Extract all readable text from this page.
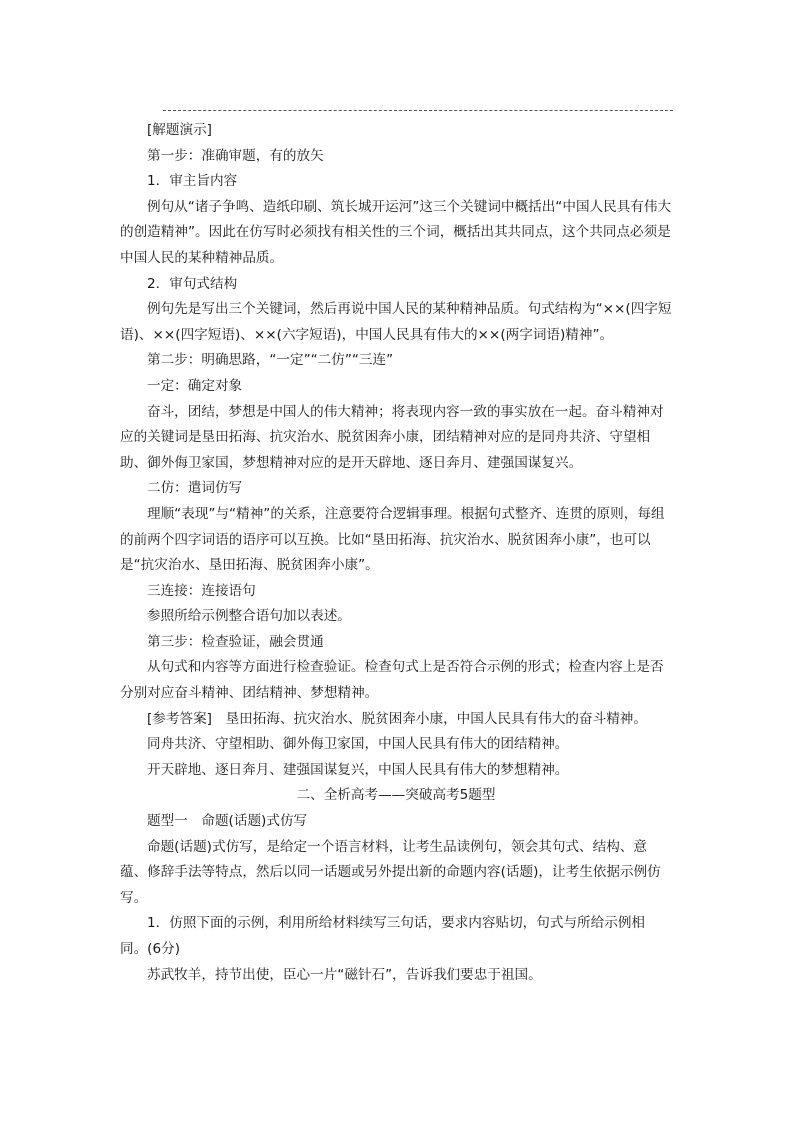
[解题演示]

第一步：准确审题，有的放矢

1．审主旨内容

例句从“诸子争鸣、造纸印刷、筑长城开运河”这三个关键词中概括出“中国人民具有伟大的创造精神”。因此在仿写时必须找有相关性的三个词，概括出其共同点，这个共同点必须是中国人民的某种精神品质。

2．审句式结构

例句先是写出三个关键词，然后再说中国人民的某种精神品质。句式结构为“××(四字短语)、××(四字短语)、××(六字短语)，中国人民具有伟大的××(两字词语)精神”。

第二步：明确思路，“一定”“二仿”“三连”

一定：确定对象

奋斗，团结，梦想是中国人的伟大精神；将表现内容一致的事实放在一起。奋斗精神对应的关键词是垦田拓海、抗灾治水、脱贫困奔小康，团结精神对应的是同舟共济、守望相助、御外侮卫家国，梦想精神对应的是开天辟地、逐日奔月、建强国谋复兴。

二仿：遣词仿写

理顺“表现”与“精神”的关系，注意要符合逻辑事理。根据句式整齐、连贯的原则，每组的前两个四字词语的语序可以互换。比如“垦田拓海、抗灾治水、脱贫困奔小康”，也可以是“抗灾治水、垦田拓海、脱贫困奔小康”。

三连接：连接语句

参照所给示例整合语句加以表述。

第三步：检查验证，融会贯通

从句式和内容等方面进行检查验证。检查句式上是否符合示例的形式；检查内容上是否分别对应奋斗精神、团结精神、梦想精神。

[参考答案]　垦田拓海、抗灾治水、脱贫困奔小康，中国人民具有伟大的奋斗精神。

同舟共济、守望相助、御外侮卫家国，中国人民具有伟大的团结精神。

开天辟地、逐日奔月、建强国谋复兴，中国人民具有伟大的梦想精神。

二、全析高考——突破高考5题型

题型一　命题(话题)式仿写

命题(话题)式仿写，是给定一个语言材料，让考生品读例句，领会其句式、结构、意蕴、修辞手法等特点，然后以同一话题或另外提出新的命题内容(话题)，让考生依据示例仿写。

1．仿照下面的示例，利用所给材料续写三句话，要求内容贴切，句式与所给示例相同。(6分)

苏武牧羊，持节出使，臣心一片“磁针石”，告诉我们要忠于祖国。
